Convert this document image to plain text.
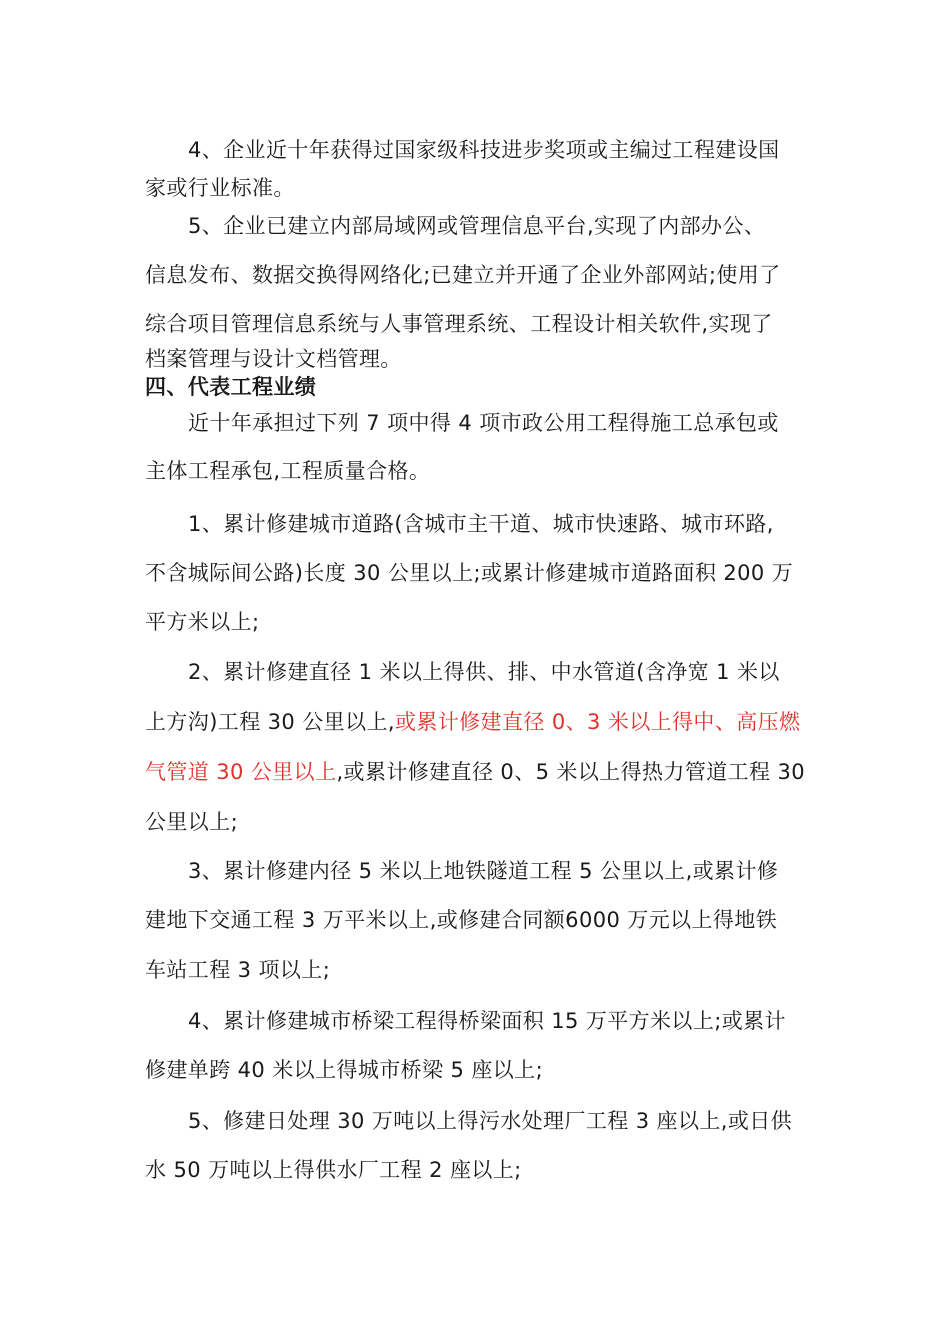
4、企业近十年获得过国家级科技进步奖项或主编过工程建设国
家或行业标准。
5、企业已建立内部局域网或管理信息平台,实现了内部办公、
信息发布、数据交换得网络化;已建立并开通了企业外部网站;使用了
综合项目管理信息系统与人事管理系统、工程设计相关软件,实现了
档案管理与设计文档管理。
四、代表工程业绩
近十年承担过下列 7 项中得 4 项市政公用工程得施工总承包或
主体工程承包,工程质量合格。
1、累计修建城市道路(含城市主干道、城市快速路、城市环路,
不含城际间公路)长度 30 公里以上;或累计修建城市道路面积 200 万
平方米以上;
2、累计修建直径 1 米以上得供、排、中水管道(含净宽 1 米以
上方沟)工程 30 公里以上,或累计修建直径 0、3 米以上得中、高压燃
气管道 30 公里以上,或累计修建直径 0、5 米以上得热力管道工程 30
公里以上;
3、累计修建内径 5 米以上地铁隧道工程 5 公里以上,或累计修
建地下交通工程 3 万平米以上,或修建合同额6000 万元以上得地铁
车站工程 3 项以上;
4、累计修建城市桥梁工程得桥梁面积 15 万平方米以上;或累计
修建单跨 40 米以上得城市桥梁 5 座以上;
5、修建日处理 30 万吨以上得污水处理厂工程 3 座以上,或日供
水 50 万吨以上得供水厂工程 2 座以上;
